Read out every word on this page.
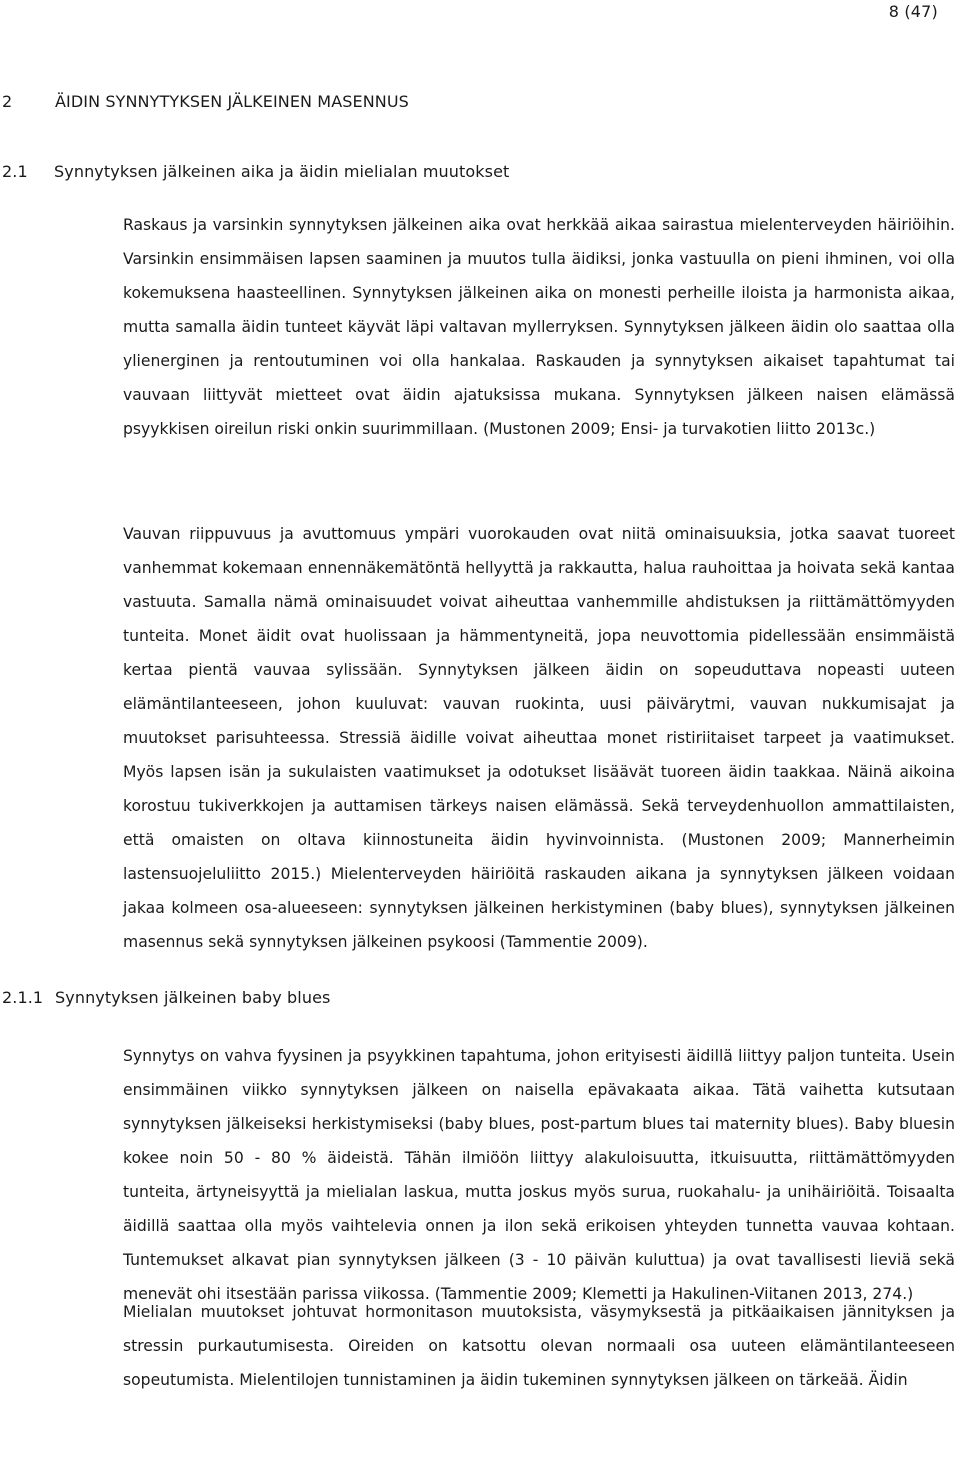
8 (47)
2	ÄIDIN SYNNYTYKSEN JÄLKEINEN MASENNUS
2.1 Synnytyksen jälkeinen aika ja äidin mielialan muutokset

Raskaus ja varsinkin synnytyksen jälkeinen aika ovat herkkää aikaa sairastua mielenterveyden häiriöihin. Varsinkin ensimmäisen lapsen saaminen ja muutos tulla äidiksi, jonka vastuulla on pieni ihminen, voi olla kokemuksena haasteellinen. Synnytyksen jälkeinen aika on monesti perheille iloista ja harmonista aikaa, mutta samalla äidin tunteet käyvät läpi valtavan myllerryksen. Synnytyksen jälkeen äidin olo saattaa olla ylienerginen ja rentoutuminen voi olla hankalaa. Raskauden ja synnytyksen aikaiset tapahtumat tai vauvaan liittyvät mietteet ovat äidin ajatuksissa mukana. Synnytyksen jälkeen naisen elämässä psyykkisen oireilun riski onkin suurimmillaan. (Mustonen 2009; Ensi- ja turvakotien liitto 2013c.)

Vauvan riippuvuus ja avuttomuus ympäri vuorokauden ovat niitä ominaisuuksia, jotka saavat tuoreet vanhemmat kokemaan ennennäkemätöntä hellyyttä ja rakkautta, halua rauhoittaa ja hoivata sekä kantaa vastuuta. Samalla nämä ominaisuudet voivat aiheuttaa vanhemmille ahdistuksen ja riittämättömyyden tunteita. Monet äidit ovat huolissaan ja hämmentyneitä, jopa neuvottomia pidellessään ensimmäistä kertaa pientä vauvaa sylissään. Synnytyksen jälkeen äidin on sopeuduttava nopeasti uuteen elämäntilanteeseen, johon kuuluvat: vauvan ruokinta, uusi päivärytmi, vauvan nukkumisajat ja muutokset parisuhteessa. Stressiä äidille voivat aiheuttaa monet ristiriitaiset tarpeet ja vaatimukset. Myös lapsen isän ja sukulaisten vaatimukset ja odotukset lisäävät tuoreen äidin taakkaa. Näinä aikoina korostuu tukiverkkojen ja auttamisen tärkeys naisen elämässä. Sekä terveydenhuollon ammattilaisten, että omaisten on oltava kiinnostuneita äidin hyvinvoinnista. (Mustonen 2009; Mannerheimin lastensuojeluliitto 2015.) Mielenterveyden häiriöitä raskauden aikana ja synnytyksen jälkeen voidaan jakaa kolmeen osa-alueeseen: synnytyksen jälkeinen herkistyminen (baby blues), synnytyksen jälkeinen masennus sekä synnytyksen jälkeinen psykoosi (Tammentie 2009).

2.1.1 Synnytyksen jälkeinen baby blues

Synnytys on vahva fyysinen ja psyykkinen tapahtuma, johon erityisesti äidillä liittyy paljon tunteita. Usein ensimmäinen viikko synnytyksen jälkeen on naisella epävakaata aikaa. Tätä vaihetta kutsutaan synnytyksen jälkeiseksi herkistymiseksi (baby blues, post-partum blues tai maternity blues). Baby bluesin kokee noin 50 - 80 % äideistä. Tähän ilmiöön liittyy alakuloisuutta, itkuisuutta, riittämättömyyden tunteita, ärtyneisyyttä ja mielialan laskua, mutta joskus myös surua, ruokahalu- ja unihäiriöitä. Toisaalta äidillä saattaa olla myös vaihtelevia onnen ja ilon sekä erikoisen yhteyden tunnetta vauvaa kohtaan. Tuntemukset alkavat pian synnytyksen jälkeen (3 - 10 päivän kuluttua) ja ovat tavallisesti lieviä sekä menevät ohi itsestään parissa viikossa. (Tammentie 2009; Klemetti ja Hakulinen-Viitanen 2013, 274.)

Mielialan muutokset johtuvat hormonitason muutoksista, väsymyksestä ja pitkäaikaisen jännityksen ja stressin purkautumisesta. Oireiden on katsottu olevan normaali osa uuteen elämäntilanteeseen sopeutumista. Mielentilojen tunnistaminen ja äidin tukeminen synnytyksen jälkeen on tärkeää. Äidin
